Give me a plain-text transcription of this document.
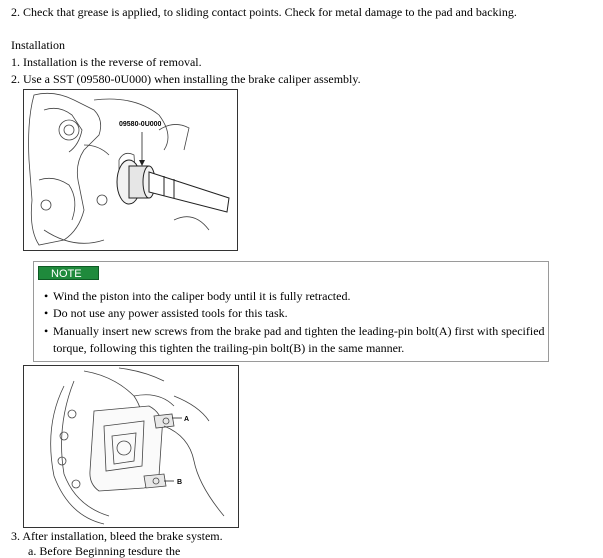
2. Check that grease is applied, to sliding contact points. Check for metal damage to the pad and backing.
Installation
1. Installation is the reverse of removal.
2. Use a SST (09580-0U000) when installing the brake caliper assembly.
09580-0U000
NOTE
• Wind the piston into the caliper body until it is fully retracted.
• Do not use any power assisted tools for this task.
• Manually insert new screws from the brake pad and tighten the leading-pin bolt(A) first with specified
torque, following this tighten the trailing-pin bolt(B) in the same manner.
A
B
3. After installation, bleed the brake system.
a. Before Beginning tesdure the
